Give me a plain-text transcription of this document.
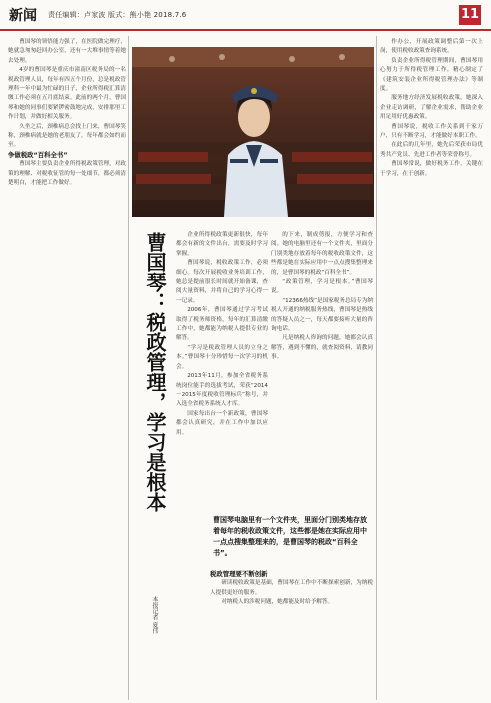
新闻 责任编辑：卢家波 版式：熊小艳 2018.7.6	11

曹国琴的领悟能力强了，在医院做完理疗，她就急匆匆赶回办公室，还有一大堆事情等着她去处理。

4岁的曹国琴是重庆市潼南区税务局的一名税政管理人员，每年有四五个月份，总是税政管理科一年中最为忙碌的日子，企业所得税汇算清缴工作必须在五月底结束。此前的两个月，曹国琴和她的同事们要紧锣密鼓地完成，安排那里工作计划，并做好相关服务。

久坐之后，颈椎病总会找上门来，曹国琴笑称，颈椎病就是她的老朋友了，每年都会如约而至。

争做税政“百科全书”

曹国琴主要负责企业所得税政策管理，对政策的理解、对税收征管的每一处细节，都必须清楚明白，才能把工作做好。

曹国琴：税政管理，学习是根本	企业所得税政策更新很快，每年都会有新的文件出台，需要及时学习掌握。

曹国琴说，税收政策工作，必须细心。每次开展税收业务培训工作，她总是提前很长时间就开始备课，查阅大量资料，并将自己的学习心得一一记录。

2006年，曹国琴通过学习考试取得了税务师资格，每年的汇算清缴工作中，她都能为纳税人提供专业的解答。

“学习是税政管理人员的立身之本。”曹国琴十分珍惜每一次学习的机会。

2013年11月，参加全省税务系统岗位能手的选拔考试，荣获“2014－2015年度税收管理标兵”称号，并入选全省税务系统人才库。

国家每出台一个新政策，曹国琴都会认真研究，并在工作中加以应用。

的下来，制成剪报，方便学习和查阅。她的电脑里还有一个文件夹，里面分门别类地存放着每年的税收政策文件，这些都是她在实际应用中一点点搜集整理来的，是曹国琴的税政“百科全书”。

“政策管理，学习是根本。”曹国琴说。

“12366热线”是国家税务总局专为纳税人开通的纳税服务热线，曹国琴是热线的答疑人员之一，每天都要接听大量的咨询电话。

凡是纳税人咨询的问题，她都会认真解答，遇到不懂的，就查阅资料，请教同事。

曹国琴电脑里有一个文件夹，里面分门别类地存放着每年的税收政策文件，这些都是她在实际应用中一点点搜集整理来的，是曹国琴的税政“百科全书”。
本报记者 夏伟

税政管理要不断创新

研读税收政策是基础，曹国琴在工作中不断探索创新，为纳税人提供更好的服务。

对纳税人的涉税问题，她都能及时给予解答。

作办公，开展政策调整后第一次上岗，使用税收政策查询系统。

负责企业所得税管理期间，曹国琴用心努力于所得税管理工作，精心制定了《建筑安装企业所得税管理办法》等制度。

服务地方经济发展税收政策，她深入企业走访调研，了解企业需求，帮助企业用足用好优惠政策。

曹国琴说，税收工作关系到千家万户，只有不断学习，才能做好本职工作。

在此后的几年里，她先后荣获市局优秀共产党员、先进工作者等荣誉称号。

曹国琴常说，做好税务工作，关键在于学习，在于创新。
